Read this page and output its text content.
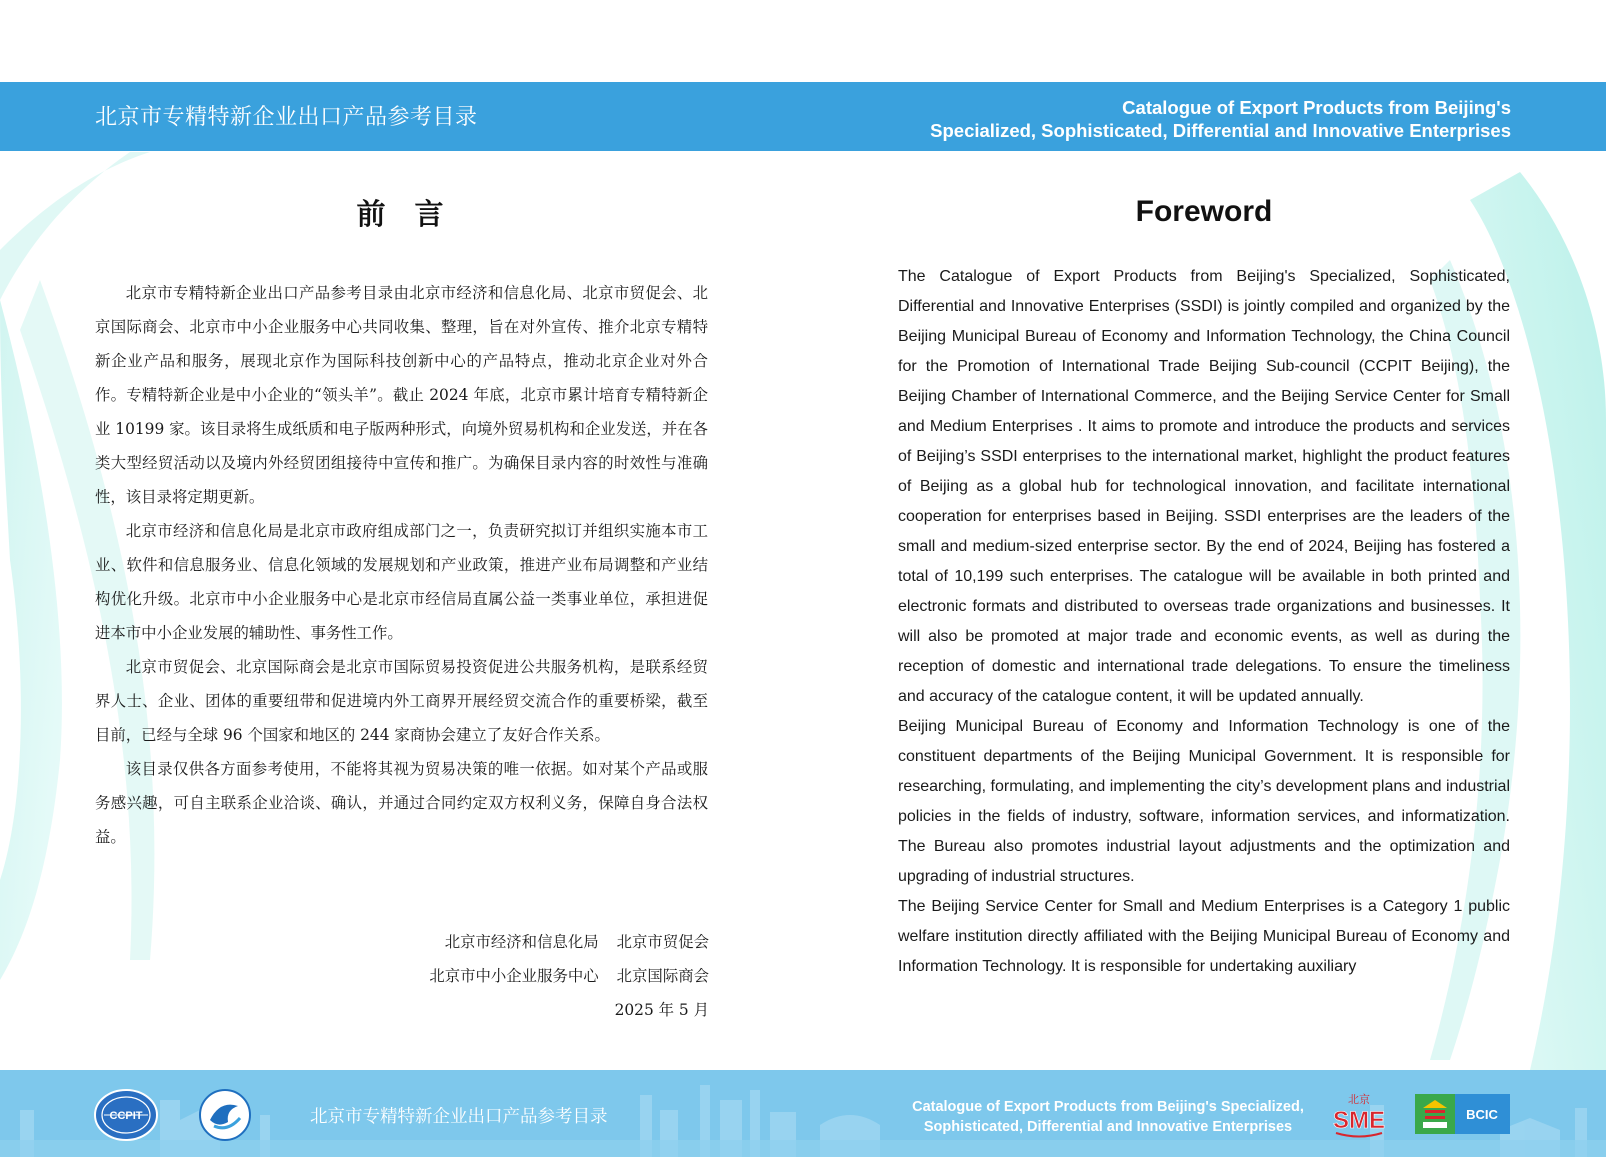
北京市专精特新企业出口产品参考目录	Catalogue of Export Products from Beijing's
Specialized, Sophisticated, Differential and Innovative Enterprises
前　言

北京市专精特新企业出口产品参考目录由北京市经济和信息化局、北京市贸促会、北京国际商会、北京市中小企业服务中心共同收集、整理，旨在对外宣传、推介北京专精特新企业产品和服务，展现北京作为国际科技创新中心的产品特点，推动北京企业对外合作。专精特新企业是中小企业的“领头羊”。截止 2024 年底，北京市累计培育专精特新企业 10199 家。该目录将生成纸质和电子版两种形式，向境外贸易机构和企业发送，并在各类大型经贸活动以及境内外经贸团组接待中宣传和推广。为确保目录内容的时效性与准确性，该目录将定期更新。

北京市经济和信息化局是北京市政府组成部门之一，负责研究拟订并组织实施本市工业、软件和信息服务业、信息化领域的发展规划和产业政策，推进产业布局调整和产业结构优化升级。北京市中小企业服务中心是北京市经信局直属公益一类事业单位，承担进促进本市中小企业发展的辅助性、事务性工作。

北京市贸促会、北京国际商会是北京市国际贸易投资促进公共服务机构，是联系经贸界人士、企业、团体的重要纽带和促进境内外工商界开展经贸交流合作的重要桥梁，截至目前，已经与全球 96 个国家和地区的 244 家商协会建立了友好合作关系。

该目录仅供各方面参考使用，不能将其视为贸易决策的唯一依据。如对某个产品或服务感兴趣，可自主联系企业洽谈、确认，并通过合同约定双方权利义务，保障自身合法权益。

北京市经济和信息化局 北京市贸促会
北京市中小企业服务中心 北京国际商会
2025 年 5 月
Foreword

The Catalogue of Export Products from Beijing's Specialized, Sophisticated, Differential and Innovative Enterprises (SSDI) is jointly compiled and organized by the Beijing Municipal Bureau of Economy and Information Technology, the China Council for the Promotion of International Trade Beijing Sub-council (CCPIT Beijing), the Beijing Chamber of International Commerce, and the Beijing Service Center for Small and Medium Enterprises . It aims to promote and introduce the products and services of Beijing’s SSDI enterprises to the international market, highlight the product features of Beijing as a global hub for technological innovation, and facilitate international cooperation for enterprises based in Beijing. SSDI enterprises are the leaders of the small and medium-sized enterprise sector. By the end of 2024, Beijing has fostered a total of 10,199 such enterprises. The catalogue will be available in both printed and electronic formats and distributed to overseas trade organizations and businesses. It will also be promoted at major trade and economic events, as well as during the reception of domestic and international trade delegations. To ensure the timeliness and accuracy of the catalogue content, it will be updated annually.

Beijing Municipal Bureau of Economy and Information Technology is one of the constituent departments of the Beijing Municipal Government. It is responsible for researching, formulating, and implementing the city’s development plans and industrial policies in the fields of industry, software, information services, and informatization. The Bureau also promotes industrial layout adjustments and the optimization and upgrading of industrial structures.

The Beijing Service Center for Small and Medium Enterprises is a Category 1 public welfare institution directly affiliated with the Beijing Municipal Bureau of Economy and Information Technology. It is responsible for undertaking auxiliary

CCPIT	北京市专精特新企业出口产品参考目录	Catalogue of Export Products from Beijing's Specialized,
Sophisticated, Differential and Innovative Enterprises
北京
SME	BCIC
